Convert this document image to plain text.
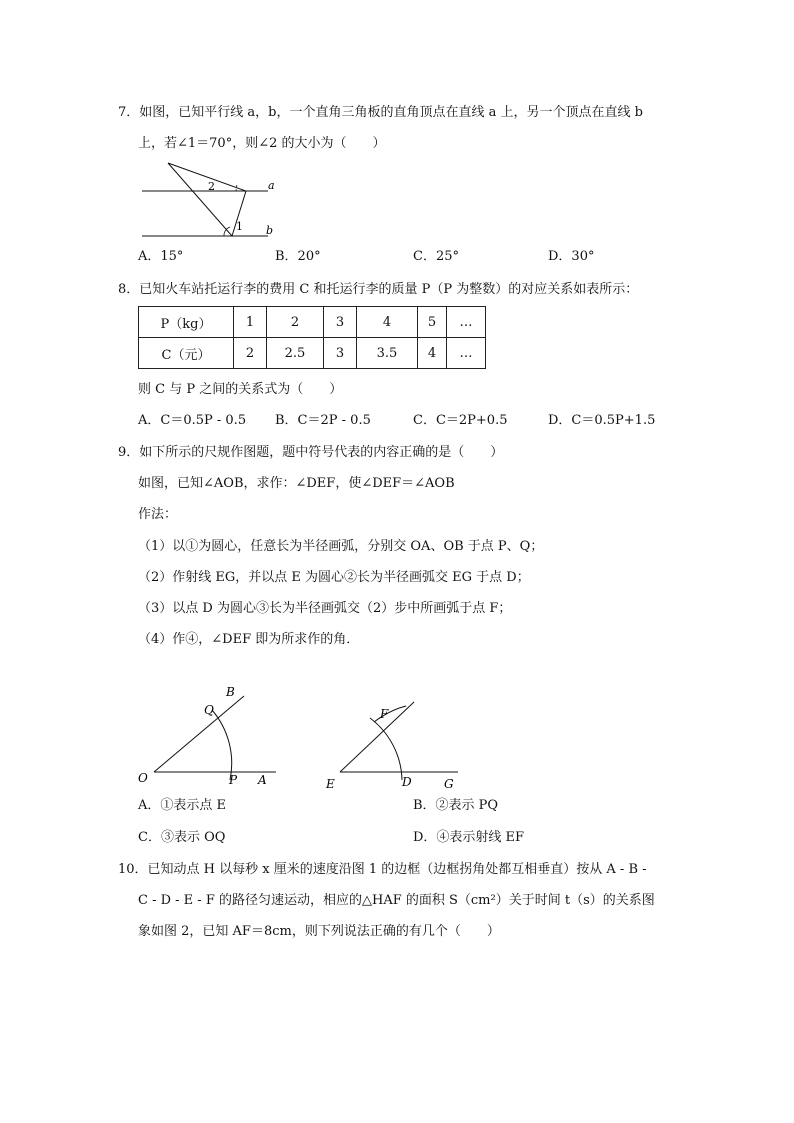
7．如图，已知平行线 a，b，一个直角三角板的直角顶点在直线 a 上，另一个顶点在直线 b
上，若∠1＝70°，则∠2 的大小为（　　）
2
1
a
b
A．15°	B．20°	C．25°	D．30°
8．已知火车站托运行李的费用 C 和托运行李的质量 P（P 为整数）的对应关系如表所示：
P（kg）	1	2	3	4	5	…
C（元）	2	2.5	3	3.5	4	…
则 C 与 P 之间的关系式为（　　）
A．C＝0.5P - 0.5 B．C＝2P - 0.5	C．C＝2P+0.5	D．C＝0.5P+1.5
9．如下所示的尺规作图题，题中符号代表的内容正确的是（　　）
如图，已知∠AOB，求作：∠DEF，使∠DEF＝∠AOB
作法：
（1）以①为圆心，任意长为半径画弧，分别交 OA、OB 于点 P、Q；
（2）作射线 EG，并以点 E 为圆心②长为半径画弧交 EG 于点 D；
（3）以点 D 为圆心③长为半径画弧交（2）步中所画弧于点 F；
（4）作④，∠DEF 即为所求作的角．
O	A
B
P
Q
E	D	G
F
A．①表示点 E	B．②表示 PQ
C．③表示 OQ	D．④表示射线 EF
10．已知动点 H 以每秒 x 厘米的速度沿图 1 的边框（边框拐角处都互相垂直）按从 A - B -
C - D - E - F 的路径匀速运动，相应的△HAF 的面积 S（cm²）关于时间 t（s）的关系图
象如图 2，已知 AF＝8cm，则下列说法正确的有几个（　　）
